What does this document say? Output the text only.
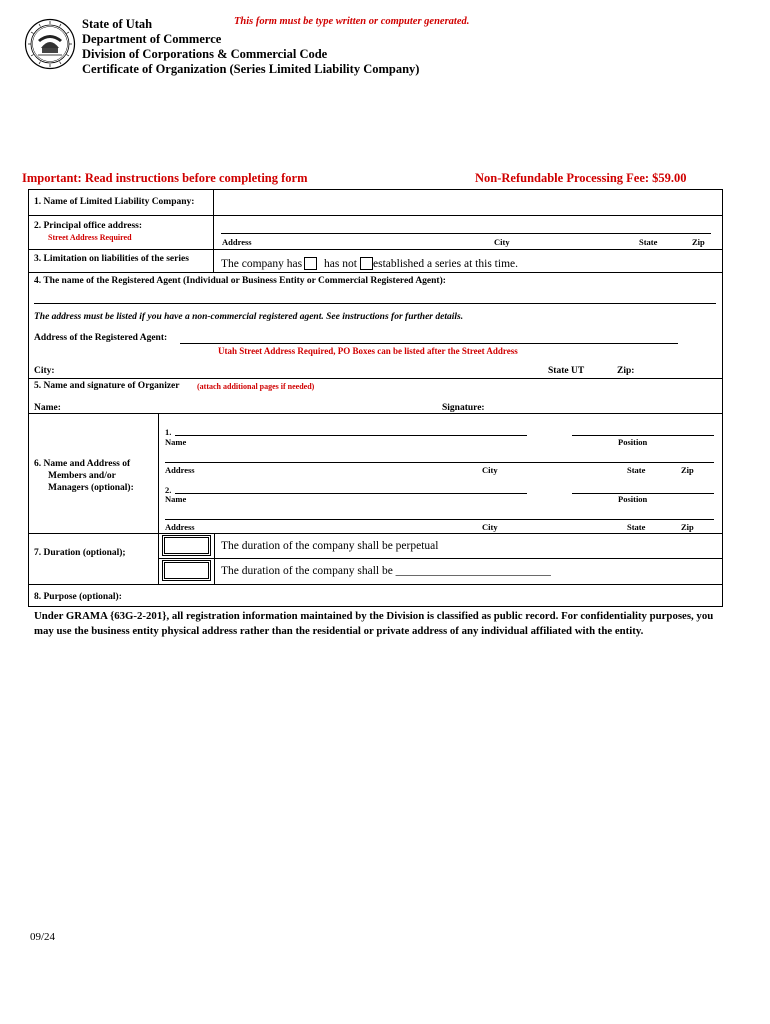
State of Utah
Department of Commerce
Division of Corporations & Commercial Code
Certificate of Organization (Series Limited Liability Company)
This form must be type written or computer generated.
Important: Read instructions before completing form	Non-Refundable Processing Fee: $59.00
1. Name of Limited Liability Company:
2. Principal office address:
Street Address Required	Address	City	State	Zip
3. Limitation on liabilities of the series	The company has has not established a series at this time.
4. The name of the Registered Agent (Individual or Business Entity or Commercial Registered Agent):
The address must be listed if you have a non-commercial registered agent. See instructions for further details.
Address of the Registered Agent:
Utah Street Address Required, PO Boxes can be listed after the Street Address
City:	State UT	Zip:
5. Name and signature of Organizer (attach additional pages if needed)
Name:	Signature:
6. Name and Address of
Members and/or
Managers (optional):
1.
Name	Position
Address	City	State	Zip
2.
Name	Position
Address	City	State	Zip
7. Duration (optional);
The duration of the company shall be perpetual
The duration of the company shall be ___________________________
8. Purpose (optional):
Under GRAMA {63G-2-201}, all registration information maintained by the Division is classified as public record. For confidentiality purposes, you may use the business entity physical address rather than the residential or private address of any individual affiliated with the entity.
09/24
